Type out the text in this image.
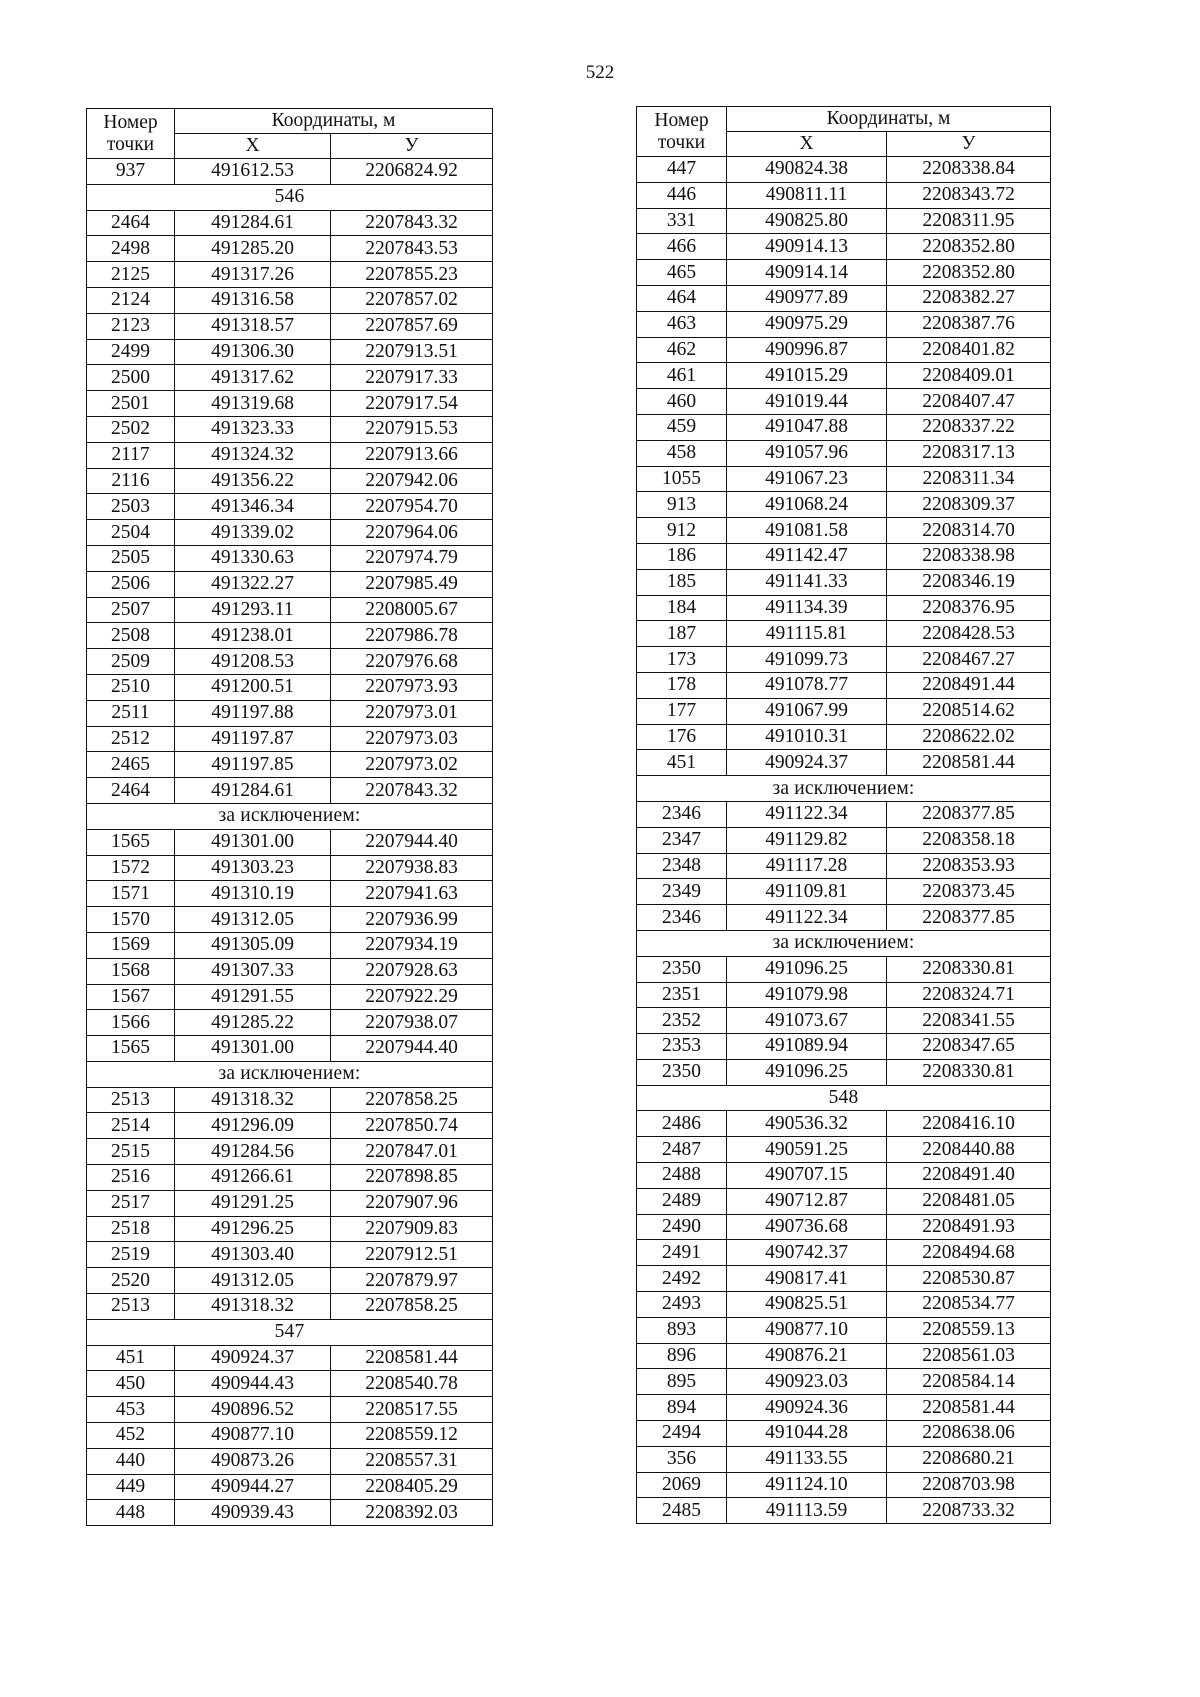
522
Номер
точки	Координаты, м	
	X	У
937	491612.53	2206824.92
546		
2464	491284.61	2207843.32
2498	491285.20	2207843.53
2125	491317.26	2207855.23
2124	491316.58	2207857.02
2123	491318.57	2207857.69
2499	491306.30	2207913.51
2500	491317.62	2207917.33
2501	491319.68	2207917.54
2502	491323.33	2207915.53
2117	491324.32	2207913.66
2116	491356.22	2207942.06
2503	491346.34	2207954.70
2504	491339.02	2207964.06
2505	491330.63	2207974.79
2506	491322.27	2207985.49
2507	491293.11	2208005.67
2508	491238.01	2207986.78
2509	491208.53	2207976.68
2510	491200.51	2207973.93
2511	491197.88	2207973.01
2512	491197.87	2207973.03
2465	491197.85	2207973.02
2464	491284.61	2207843.32
за исключением:		
1565	491301.00	2207944.40
1572	491303.23	2207938.83
1571	491310.19	2207941.63
1570	491312.05	2207936.99
1569	491305.09	2207934.19
1568	491307.33	2207928.63
1567	491291.55	2207922.29
1566	491285.22	2207938.07
1565	491301.00	2207944.40
за исключением:		
2513	491318.32	2207858.25
2514	491296.09	2207850.74
2515	491284.56	2207847.01
2516	491266.61	2207898.85
2517	491291.25	2207907.96
2518	491296.25	2207909.83
2519	491303.40	2207912.51
2520	491312.05	2207879.97
2513	491318.32	2207858.25
547		
451	490924.37	2208581.44
450	490944.43	2208540.78
453	490896.52	2208517.55
452	490877.10	2208559.12
440	490873.26	2208557.31
449	490944.27	2208405.29
448	490939.43	2208392.03
Номер
точки	Координаты, м	
	X	У
447	490824.38	2208338.84
446	490811.11	2208343.72
331	490825.80	2208311.95
466	490914.13	2208352.80
465	490914.14	2208352.80
464	490977.89	2208382.27
463	490975.29	2208387.76
462	490996.87	2208401.82
461	491015.29	2208409.01
460	491019.44	2208407.47
459	491047.88	2208337.22
458	491057.96	2208317.13
1055	491067.23	2208311.34
913	491068.24	2208309.37
912	491081.58	2208314.70
186	491142.47	2208338.98
185	491141.33	2208346.19
184	491134.39	2208376.95
187	491115.81	2208428.53
173	491099.73	2208467.27
178	491078.77	2208491.44
177	491067.99	2208514.62
176	491010.31	2208622.02
451	490924.37	2208581.44
за исключением:		
2346	491122.34	2208377.85
2347	491129.82	2208358.18
2348	491117.28	2208353.93
2349	491109.81	2208373.45
2346	491122.34	2208377.85
за исключением:		
2350	491096.25	2208330.81
2351	491079.98	2208324.71
2352	491073.67	2208341.55
2353	491089.94	2208347.65
2350	491096.25	2208330.81
548		
2486	490536.32	2208416.10
2487	490591.25	2208440.88
2488	490707.15	2208491.40
2489	490712.87	2208481.05
2490	490736.68	2208491.93
2491	490742.37	2208494.68
2492	490817.41	2208530.87
2493	490825.51	2208534.77
893	490877.10	2208559.13
896	490876.21	2208561.03
895	490923.03	2208584.14
894	490924.36	2208581.44
2494	491044.28	2208638.06
356	491133.55	2208680.21
2069	491124.10	2208703.98
2485	491113.59	2208733.32
